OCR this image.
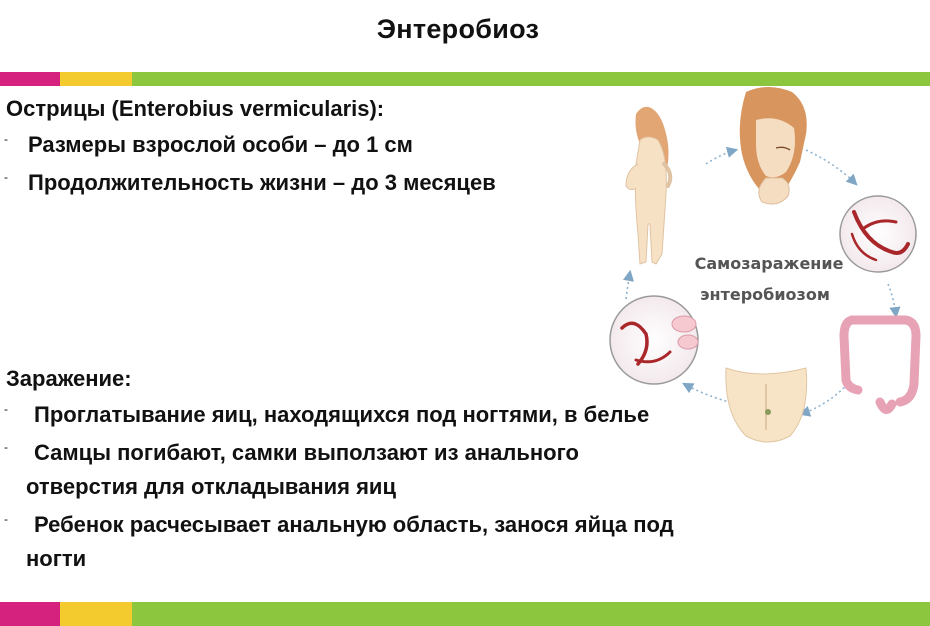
Энтеробиоз
Острицы (Enterobius vermicularis):
- Размеры взрослой особи – до 1 см
- Продолжительность жизни – до 3 месяцев
Заражение:
-	Проглатывание яиц, находящихся под ногтями, в белье
-	Самцы погибают, самки выползают из анального отверстия для откладывания яиц
-	Ребенок расчесывает анальную область, занося яйца под ногти
Самозаражение
энтеробиозом
